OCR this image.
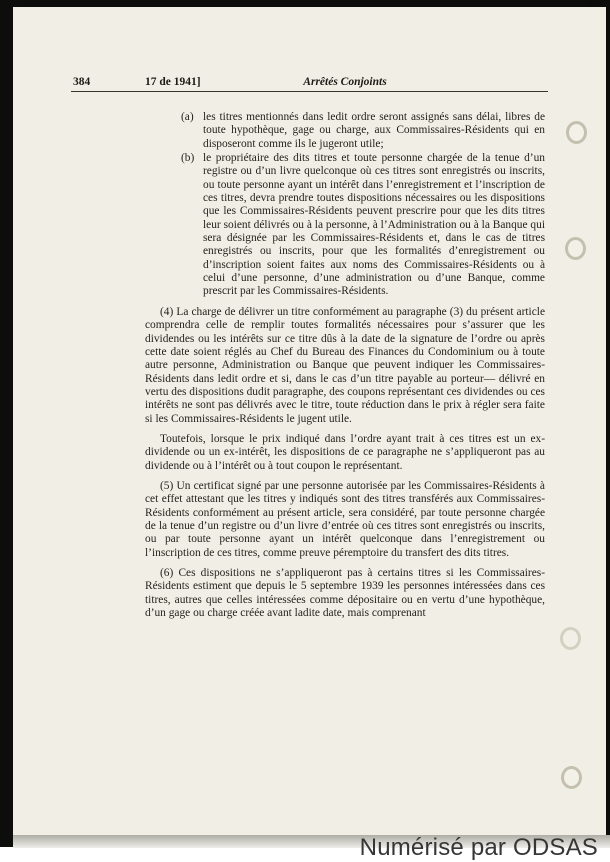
384	17 de 1941]	Arrêtés Conjoints
(a) les titres mentionnés dans ledit ordre seront assignés sans délai, libres de toute hypothèque, gage ou charge, aux Commissaires-Résidents qui en disposeront comme ils le jugeront utile;
(b) le propriétaire des dits titres et toute personne chargée de la tenue d’un registre ou d’un livre quelconque où ces titres sont enregistrés ou inscrits, ou toute personne ayant un intérêt dans l’enregistrement et l’inscription de ces titres, devra prendre toutes dispositions nécessaires ou les dispositions que les Commissaires-Résidents peuvent prescrire pour que les dits titres leur soient délivrés ou à la personne, à l’Administration ou à la Banque qui sera désignée par les Commissaires-Résidents et, dans le cas de titres enregistrés ou inscrits, pour que les formalités d’enregistrement ou d’inscription soient faites aux noms des Commissaires-Résidents ou à celui d’une personne, d’une administration ou d’une Banque, comme prescrit par les Commissaires-Résidents.

(4) La charge de délivrer un titre conformément au paragraphe (3) du présent article comprendra celle de remplir toutes formalités nécessaires pour s’assurer que les dividendes ou les intérêts sur ce titre dûs à la date de la signature de l’ordre ou après cette date soient réglés au Chef du Bureau des Finances du Condominium ou à toute autre personne, Administration ou Banque que peuvent indiquer les Commissaires-Résidents dans ledit ordre et si, dans le cas d’un titre payable au porteur— délivré en vertu des dispositions dudit paragraphe, des coupons représentant ces dividendes ou ces intérêts ne sont pas délivrés avec le titre, toute réduction dans le prix à régler sera faite si les Commissaires-Résidents le jugent utile.

Toutefois, lorsque le prix indiqué dans l’ordre ayant trait à ces titres est un ex-dividende ou un ex-intérêt, les dispositions de ce paragraphe ne s’appliqueront pas au dividende ou à l’intérêt ou à tout coupon le représentant.

(5) Un certificat signé par une personne autorisée par les Commissaires-Résidents à cet effet attestant que les titres y indiqués sont des titres transférés aux Commissaires-Résidents conformément au présent article, sera considéré, par toute personne chargée de la tenue d’un registre ou d’un livre d’entrée où ces titres sont enregistrés ou inscrits, ou par toute personne ayant un intérêt quelconque dans l’enregistrement ou l’inscription de ces titres, comme preuve péremptoire du transfert des dits titres.

(6) Ces dispositions ne s’appliqueront pas à certains titres si les Commissaires-Résidents estiment que depuis le 5 septembre 1939 les personnes intéressées dans ces titres, autres que celles intéressées comme dépositaire ou en vertu d’une hypothèque, d’un gage ou charge créée avant ladite date, mais comprenant

Numérisé par ODSAS
